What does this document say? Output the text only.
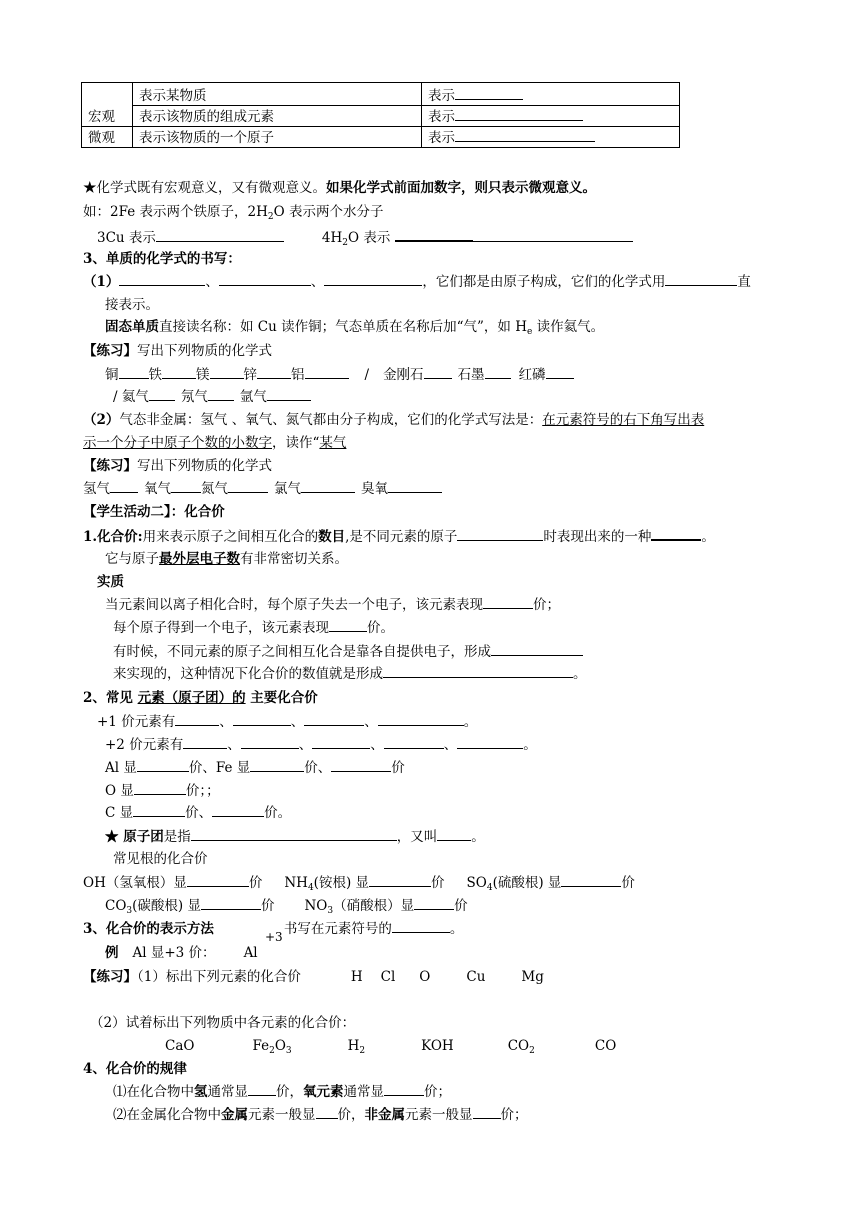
	表示某物质	表示
宏观	表示该物质的组成元素	表示
微观	表示该物质的一个原子	表示
★化学式既有宏观意义，又有微观意义。如果化学式前面加数字，则只表示微观意义。
如：2Fe 表示两个铁原子，$2H_2O$ 表示两个水分子
3Cu 表示	$4H_2O$ 表示
3、单质的化学式的书写：
（1）	、	、	，它们都是由原子构成，它们的化学式用	直
接表示。
固态单质直接读名称：如 Cu 读作铜；气态单质在名称后加“气”，如 $H_e$ 读作氦气。
【练习】写出下列物质的化学式
铜 铁	镁	锌	铝	/ 金刚石	石墨	红磷
/ 氦气 氖气 氩气
（2）气态非金属：氢气 、氧气、氮气都由分子构成，它们的化学式写法是：在元素符号的右下角写出表
示一个分子中原子个数的小数字，读作“某气
【练习】写出下列物质的化学式
氢气	氧气 氮气	氯气	臭氧
【学生活动二】：化合价
1.化合价:用来表示原子之间相互化合的数目,是不同元素的原子	时表现出来的一种	。
它与原子最外层电子数有非常密切关系。
实质
当元素间以离子相化合时，每个原子失去一个电子，该元素表现	价；
每个原子得到一个电子，该元素表现	价。
有时候，不同元素的原子之间相互化合是靠各自提供电子，形成
来实现的，这种情况下化合价的数值就是形成	。
2、常见 元素（原子团）的 主要化合价
+1 价元素有	、	、	、	。
+2 价元素有	、	、	、	、	。
Al 显	价、Fe 显	价、	价
O 显	价；；
C 显	价、	价。
★ 原子团是指	，又叫	。
常见根的化合价
OH（氢氧根）显	价 $NH_4$(铵根) 显	价 $SO_4$(硫酸根) 显	价
$CO_3$(碳酸根) 显	价 $NO_3$（硝酸根）显	价
3、化合价的表示方法	书写在元素符号的	。
+3
例 Al 显+3 价： Al
【练习】（1）标出下列元素的化合价	H Cl O	Cu	Mg
（2）试着标出下列物质中各元素的化合价：
CaO	$Fe_2O_3$	$H_2$	KOH	$CO_2$	CO
4、化合价的规律
⑴在化合物中氢通常显 价，氧元素通常显	价；
⑵在金属化合物中金属元素一般显 价，非金属元素一般显 价；
